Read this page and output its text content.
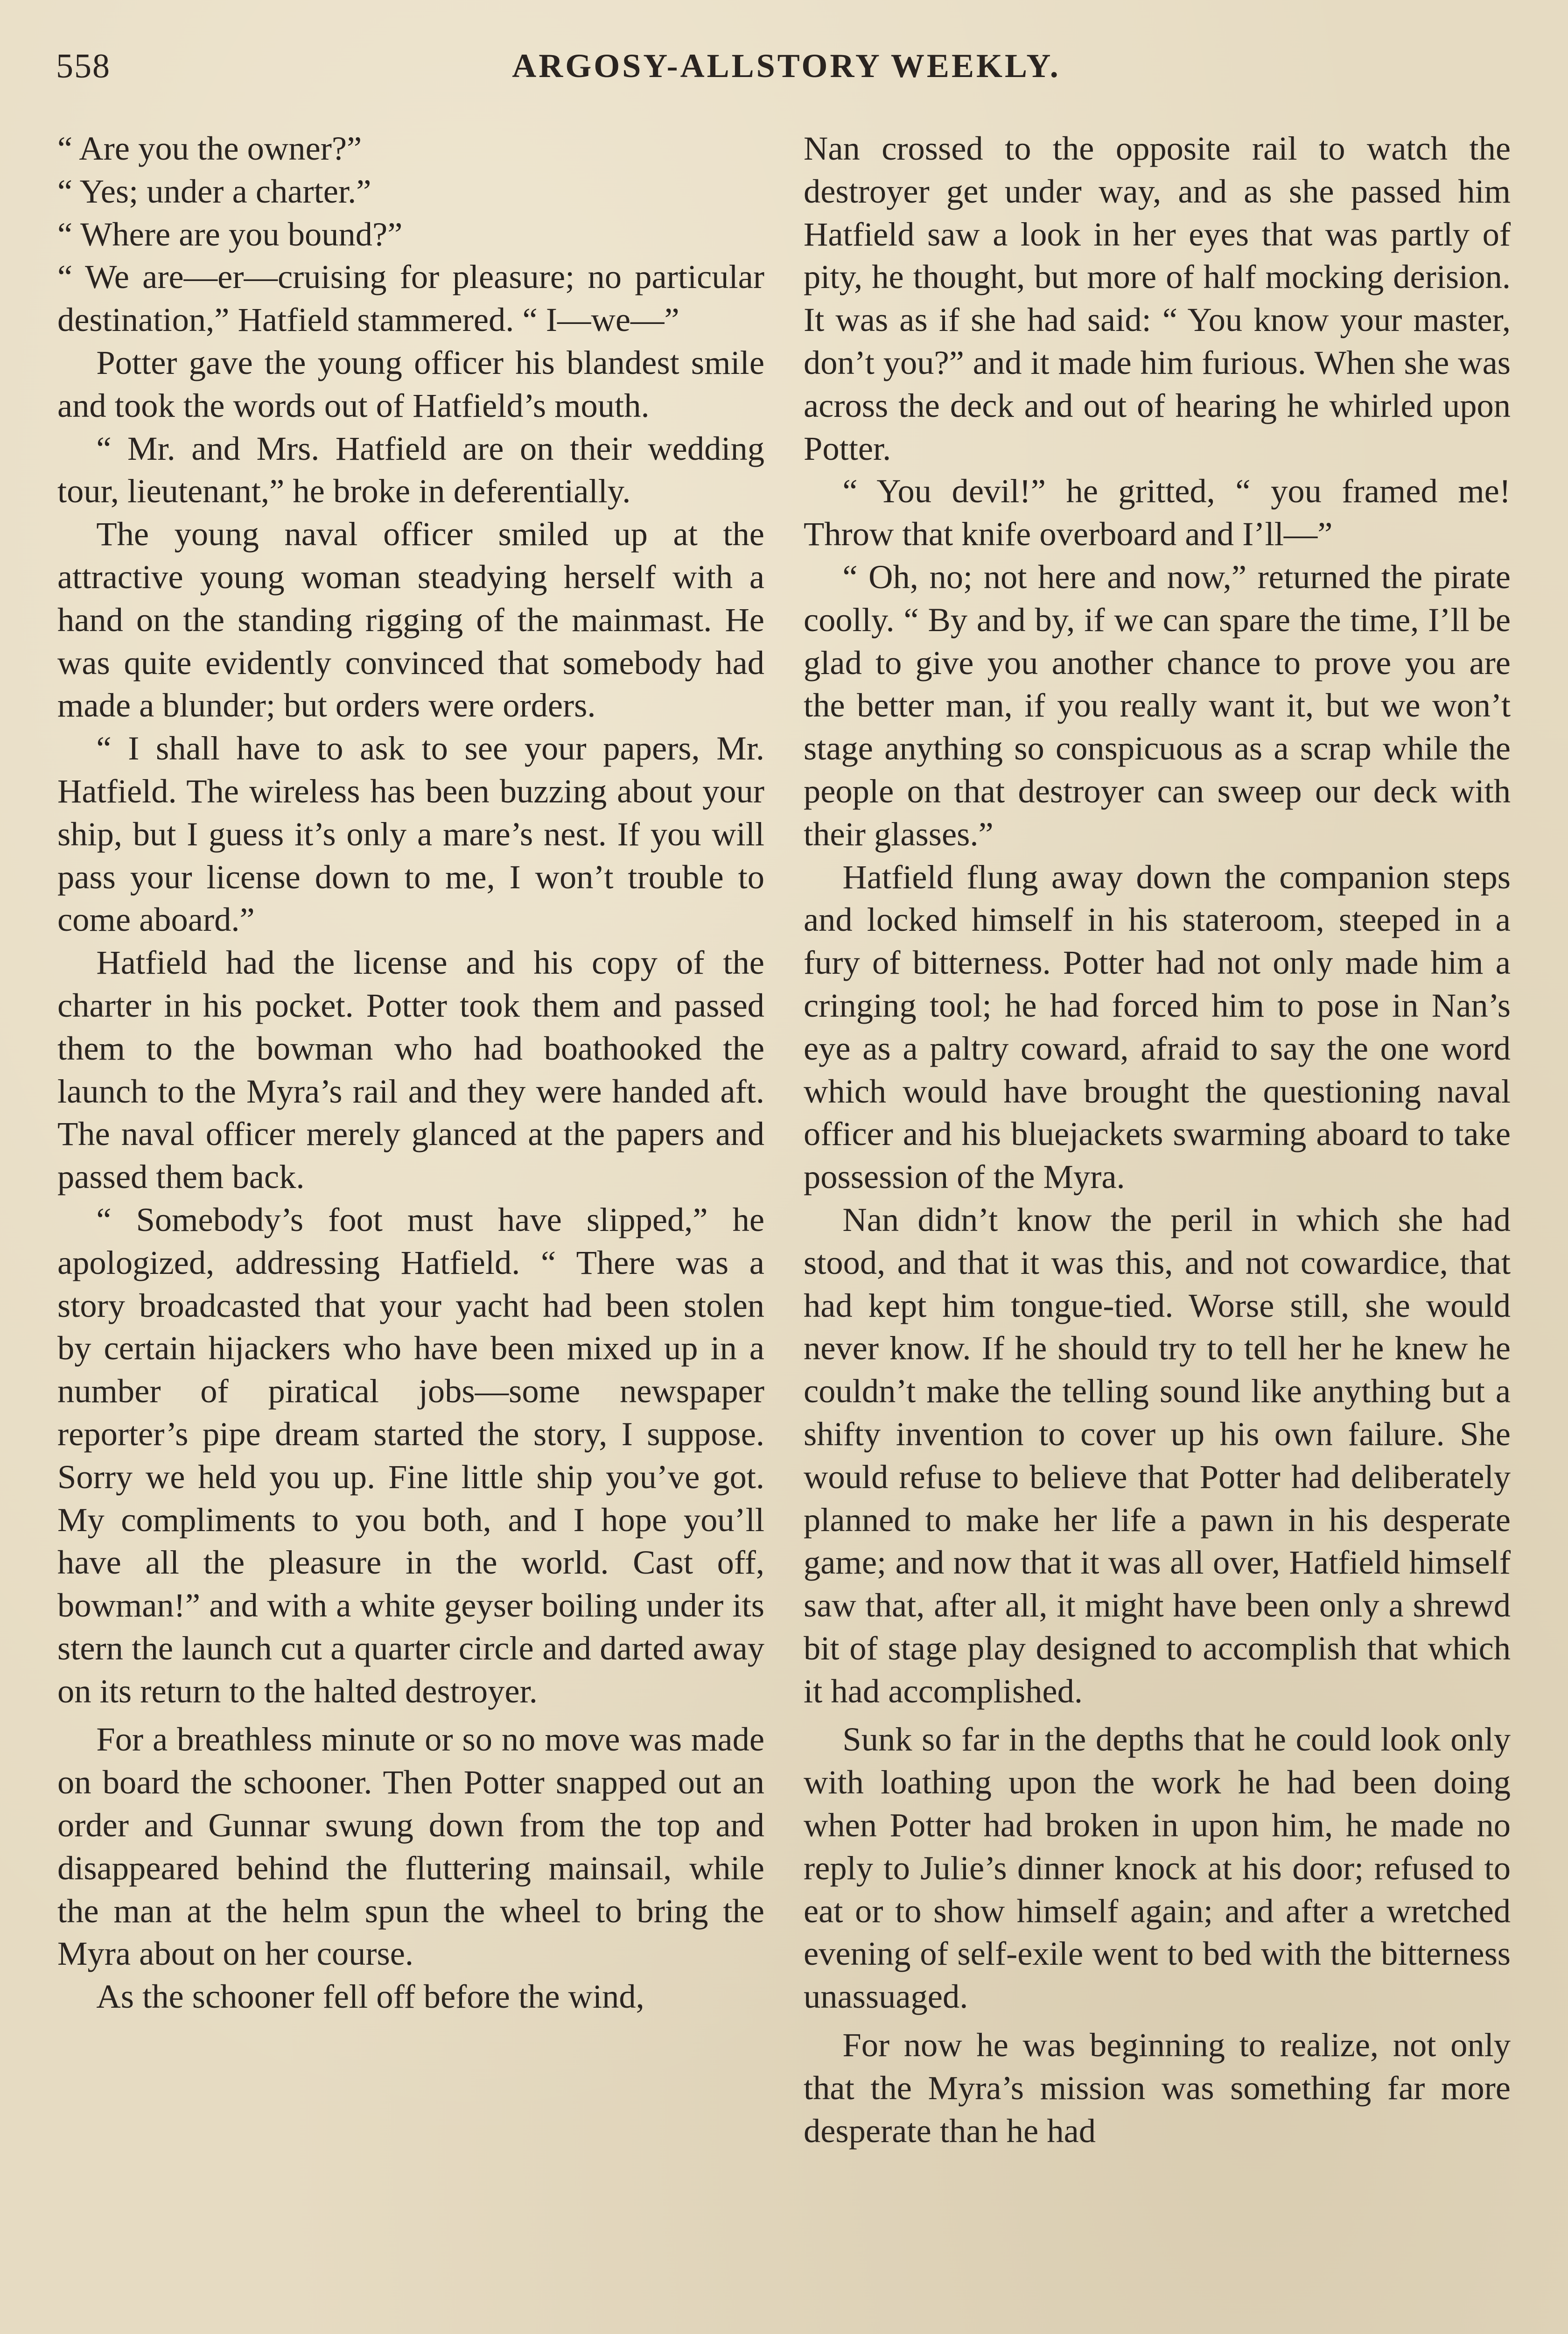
558	ARGOSY-ALLSTORY WEEKLY.

“ Are you the owner?”

“ Yes; under a charter.”

“ Where are you bound?”

“ We are—er—cruising for pleasure; no particular destination,” Hatfield stammered. “ I—we—”

Potter gave the young officer his blandest smile and took the words out of Hatfield’s mouth.

“ Mr. and Mrs. Hatfield are on their wedding tour, lieutenant,” he broke in deferentially.

The young naval officer smiled up at the attractive young woman steadying herself with a hand on the standing rigging of the mainmast. He was quite evidently convinced that somebody had made a blunder; but orders were orders.

“ I shall have to ask to see your papers, Mr. Hatfield. The wireless has been buzzing about your ship, but I guess it’s only a mare’s nest. If you will pass your license down to me, I won’t trouble to come aboard.”

Hatfield had the license and his copy of the charter in his pocket. Potter took them and passed them to the bowman who had boathooked the launch to the Myra’s rail and they were handed aft. The naval officer merely glanced at the papers and passed them back.

“ Somebody’s foot must have slipped,” he apologized, addressing Hatfield. “ There was a story broadcasted that your yacht had been stolen by certain hijackers who have been mixed up in a number of piratical jobs—some newspaper reporter’s pipe dream started the story, I suppose. Sorry we held you up. Fine little ship you’ve got. My compliments to you both, and I hope you’ll have all the pleasure in the world. Cast off, bowman!” and with a white geyser boiling under its stern the launch cut a quarter circle and darted away on its return to the halted destroyer.

For a breathless minute or so no move was made on board the schooner. Then Potter snapped out an order and Gunnar swung down from the top and disappeared behind the fluttering mainsail, while the man at the helm spun the wheel to bring the Myra about on her course.

As the schooner fell off before the wind,

Nan crossed to the opposite rail to watch the destroyer get under way, and as she passed him Hatfield saw a look in her eyes that was partly of pity, he thought, but more of half mocking derision. It was as if she had said: “ You know your master, don’t you?” and it made him furious. When she was across the deck and out of hearing he whirled upon Potter.

“ You devil!” he gritted, “ you framed me! Throw that knife overboard and I’ll—”

“ Oh, no; not here and now,” returned the pirate coolly. “ By and by, if we can spare the time, I’ll be glad to give you another chance to prove you are the better man, if you really want it, but we won’t stage anything so conspicuous as a scrap while the people on that destroyer can sweep our deck with their glasses.”

Hatfield flung away down the companion steps and locked himself in his stateroom, steeped in a fury of bitterness. Potter had not only made him a cringing tool; he had forced him to pose in Nan’s eye as a paltry coward, afraid to say the one word which would have brought the questioning naval officer and his bluejackets swarming aboard to take possession of the Myra.

Nan didn’t know the peril in which she had stood, and that it was this, and not cowardice, that had kept him tongue-tied. Worse still, she would never know. If he should try to tell her he knew he couldn’t make the telling sound like anything but a shifty invention to cover up his own failure. She would refuse to believe that Potter had deliberately planned to make her life a pawn in his desperate game; and now that it was all over, Hatfield himself saw that, after all, it might have been only a shrewd bit of stage play designed to accomplish that which it had accomplished.

Sunk so far in the depths that he could look only with loathing upon the work he had been doing when Potter had broken in upon him, he made no reply to Julie’s dinner knock at his door; refused to eat or to show himself again; and after a wretched evening of self-exile went to bed with the bitterness unassuaged.

For now he was beginning to realize, not only that the Myra’s mission was something far more desperate than he had
